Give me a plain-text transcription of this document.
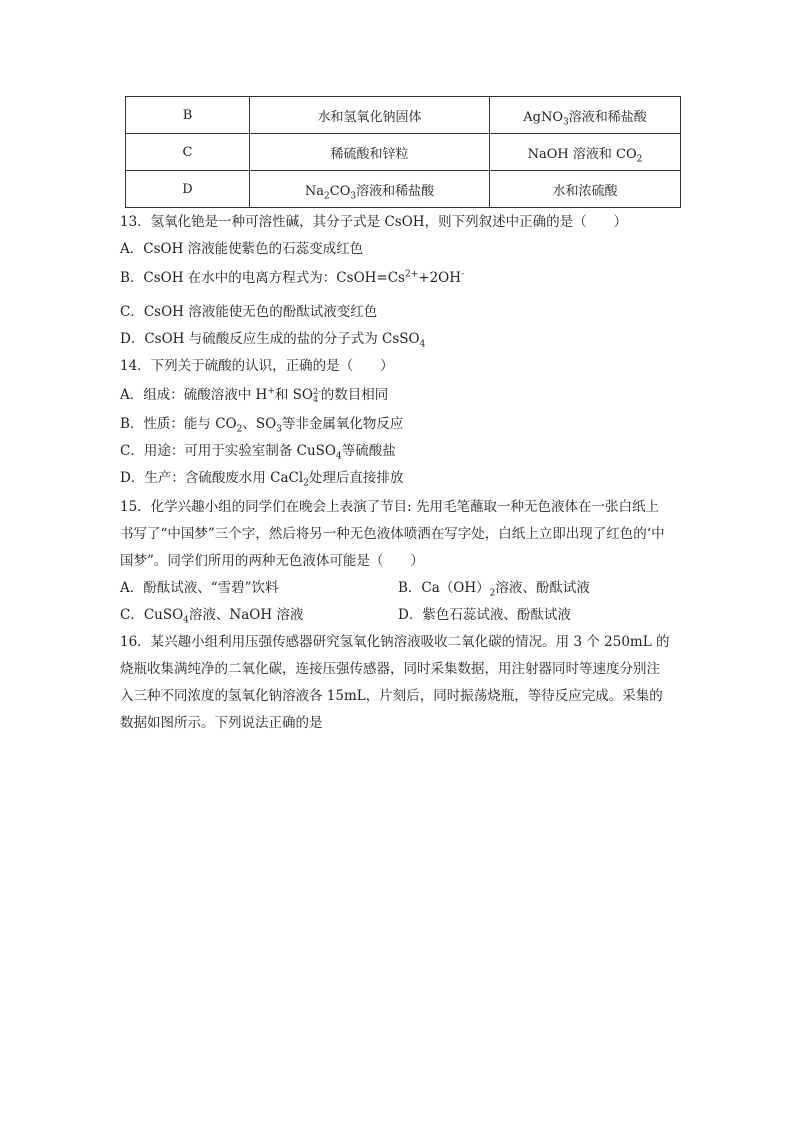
B	水和氢氧化钠固体	AgNO$_3$溶液和稀盐酸
C	稀硫酸和锌粒	NaOH 溶液和 $CO_2$
D	$Na_2CO_3$溶液和稀盐酸	水和浓硫酸
13．氢氧化铯是一种可溶性碱，其分子式是 CsOH，则下列叙述中正确的是（　　）
A．CsOH 溶液能使紫色的石蕊变成红色
B．CsOH 在水中的电离方程式为：$CsOH=Cs^{2+}+2OH^-$
C．CsOH 溶液能使无色的酚酞试液变红色
D．CsOH 与硫酸反应生成的盐的分子式为 CsSO$_4$
14．下列关于硫酸的认识，正确的是（　　）
A．组成：硫酸溶液中 H+和 SO 2-
4 的数目相同
B．性质：能与 $CO_2$、$SO_3$等非金属氧化物反应
C．用途：可用于实验室制备 CuSO$_4$等硫酸盐
D．生产：含硫酸废水用 CaCl$_2$处理后直接排放
15．化学兴趣小组的同学们在晚会上表演了节目: 先用毛笔蘸取一种无色液体在一张白纸上
书写了“中国梦”三个字，然后将另一种无色液体喷洒在写字处，白纸上立即出现了红色的‘中
国梦”。同学们所用的两种无色液体可能是（　　）
A．酚酞试液、“雪碧”饮料	B．$Ca(OH)_2$溶液、酚酞试液
C．CuSO$_4$溶液、NaOH 溶液	D．紫色石蕊试液、酚酞试液
16．某兴趣小组利用压强传感器研究氢氧化钠溶液吸收二氧化碳的情况。用 3 个 250mL 的
烧瓶收集满纯净的二氧化碳，连接压强传感器，同时采集数据，用注射器同时等速度分别注
入三种不同浓度的氢氧化钠溶液各 15mL，片刻后，同时振荡烧瓶，等待反应完成。采集的
数据如图所示。下列说法正确的是
